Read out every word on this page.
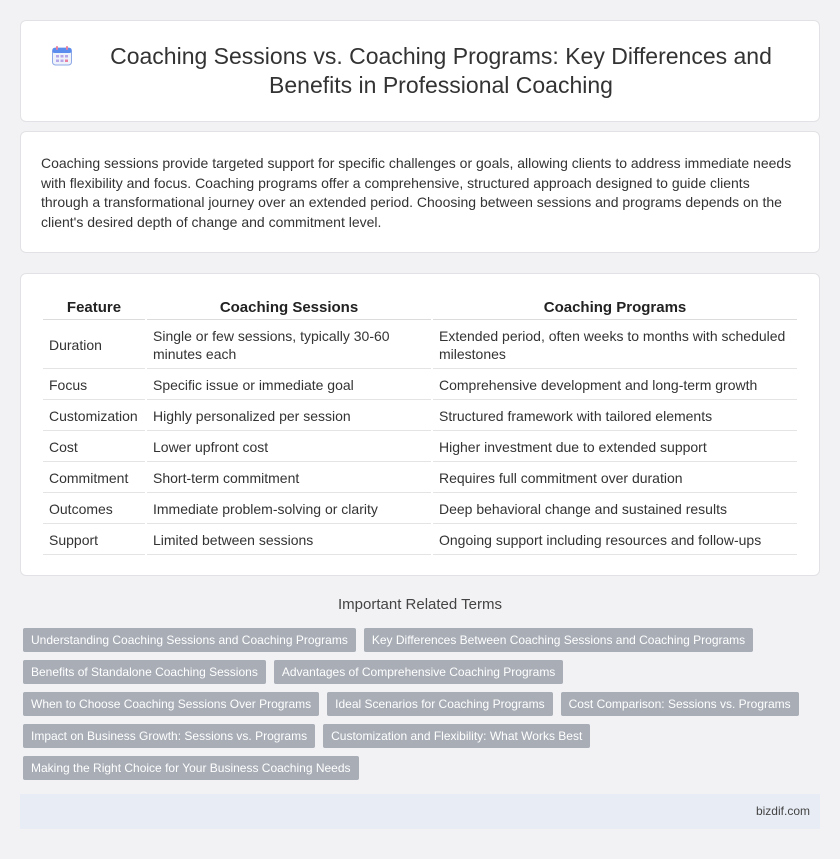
Coaching Sessions vs. Coaching Programs: Key Differences and Benefits in Professional Coaching

Coaching sessions provide targeted support for specific challenges or goals, allowing clients to address immediate needs with flexibility and focus. Coaching programs offer a comprehensive, structured approach designed to guide clients through a transformational journey over an extended period. Choosing between sessions and programs depends on the client's desired depth of change and commitment level.

Feature	Coaching Sessions	Coaching Programs
Duration	Single or few sessions, typically 30-60 minutes each	Extended period, often weeks to months with scheduled milestones
Focus	Specific issue or immediate goal	Comprehensive development and long-term growth
Customization	Highly personalized per session	Structured framework with tailored elements
Cost	Lower upfront cost	Higher investment due to extended support
Commitment	Short-term commitment	Requires full commitment over duration
Outcomes	Immediate problem-solving or clarity	Deep behavioral change and sustained results
Support	Limited between sessions	Ongoing support including resources and follow-ups
Important Related Terms
Understanding Coaching Sessions and Coaching Programs	Key Differences Between Coaching Sessions and Coaching Programs
Benefits of Standalone Coaching Sessions	Advantages of Comprehensive Coaching Programs
When to Choose Coaching Sessions Over Programs	Ideal Scenarios for Coaching Programs	Cost Comparison: Sessions vs. Programs
Impact on Business Growth: Sessions vs. Programs	Customization and Flexibility: What Works Best
Making the Right Choice for Your Business Coaching Needs
bizdif.com
